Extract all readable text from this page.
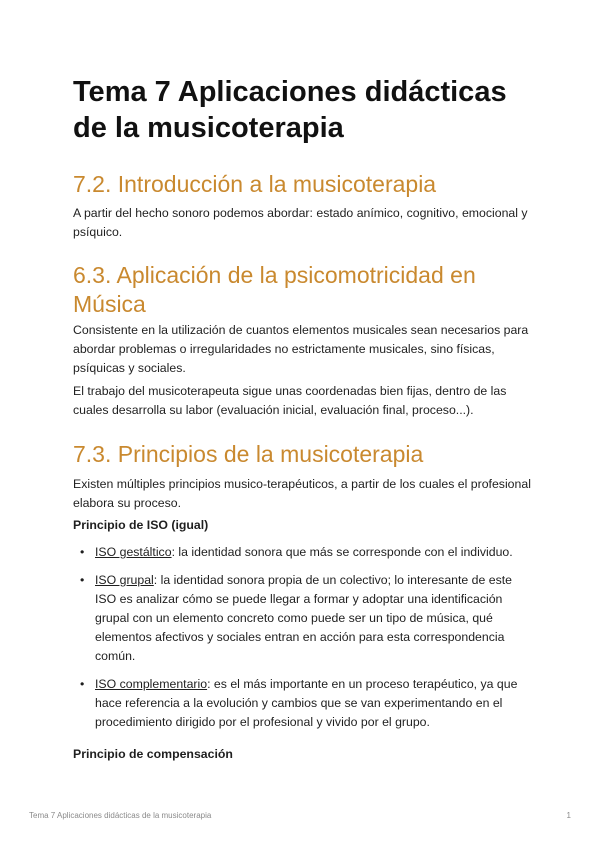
Tema 7 Aplicaciones didácticas de la musicoterapia
7.2. Introducción a la musicoterapia

A partir del hecho sonoro podemos abordar: estado anímico, cognitivo, emocional y psíquico.

6.3. Aplicación de la psicomotricidad en Música

Consistente en la utilización de cuantos elementos musicales sean necesarios para abordar problemas o irregularidades no estrictamente musicales, sino físicas, psíquicas y sociales.

El trabajo del musicoterapeuta sigue unas coordenadas bien fijas, dentro de las cuales desarrolla su labor (evaluación inicial, evaluación final, proceso...).

7.3. Principios de la musicoterapia

Existen múltiples principios musico-terapéuticos, a partir de los cuales el profesional elabora su proceso.

Principio de ISO (igual)

• ISO gestáltico: la identidad sonora que más se corresponde con el individuo.
• ISO grupal: la identidad sonora propia de un colectivo; lo interesante de este ISO es analizar cómo se puede llegar a formar y adoptar una identificación grupal con un elemento concreto como puede ser un tipo de música, qué elementos afectivos y sociales entran en acción para esta correspondencia común.
• ISO complementario: es el más importante en un proceso terapéutico, ya que hace referencia a la evolución y cambios que se van experimentando en el procedimiento dirigido por el profesional y vivido por el grupo.

Principio de compensación

Tema 7 Aplicaciones didácticas de la musicoterapia	1
